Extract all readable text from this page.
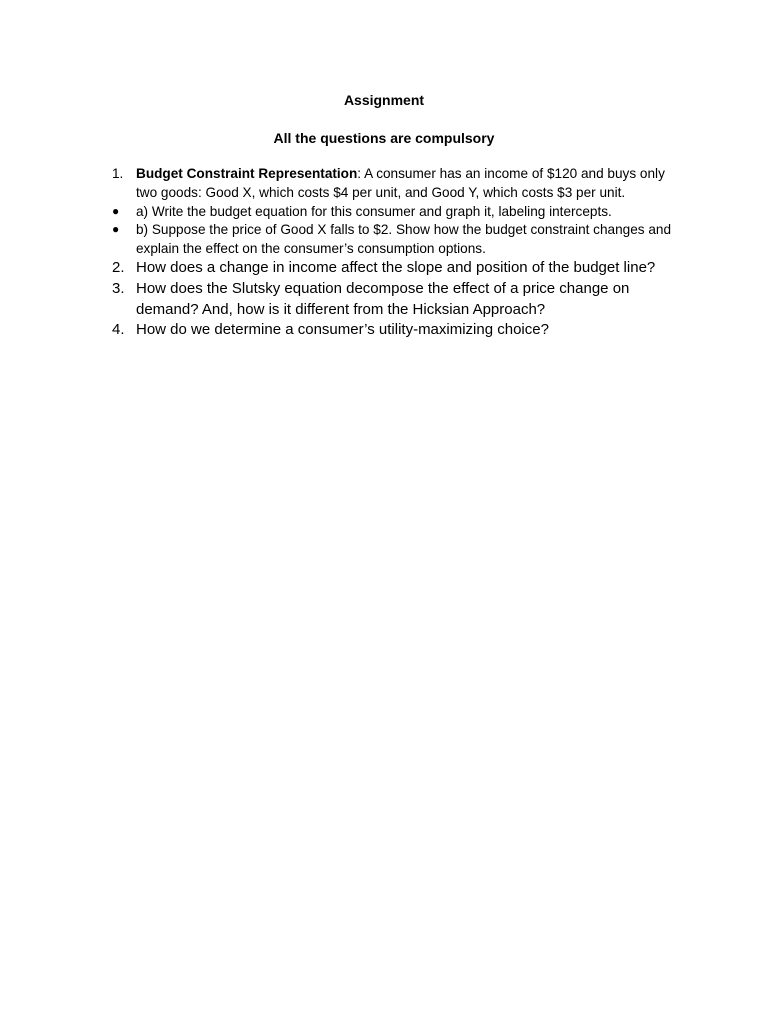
Assignment
All the questions are compulsory
1. Budget Constraint Representation: A consumer has an income of $120 and buys only two goods: Good X, which costs $4 per unit, and Good Y, which costs $3 per unit.
●	a) Write the budget equation for this consumer and graph it, labeling intercepts.
●	b) Suppose the price of Good X falls to $2. Show how the budget constraint changes and explain the effect on the consumer’s consumption options.
2. How does a change in income affect the slope and position of the budget line?
3. How does the Slutsky equation decompose the effect of a price change on demand? And, how is it different from the Hicksian Approach?
4. How do we determine a consumer’s utility-maximizing choice?
